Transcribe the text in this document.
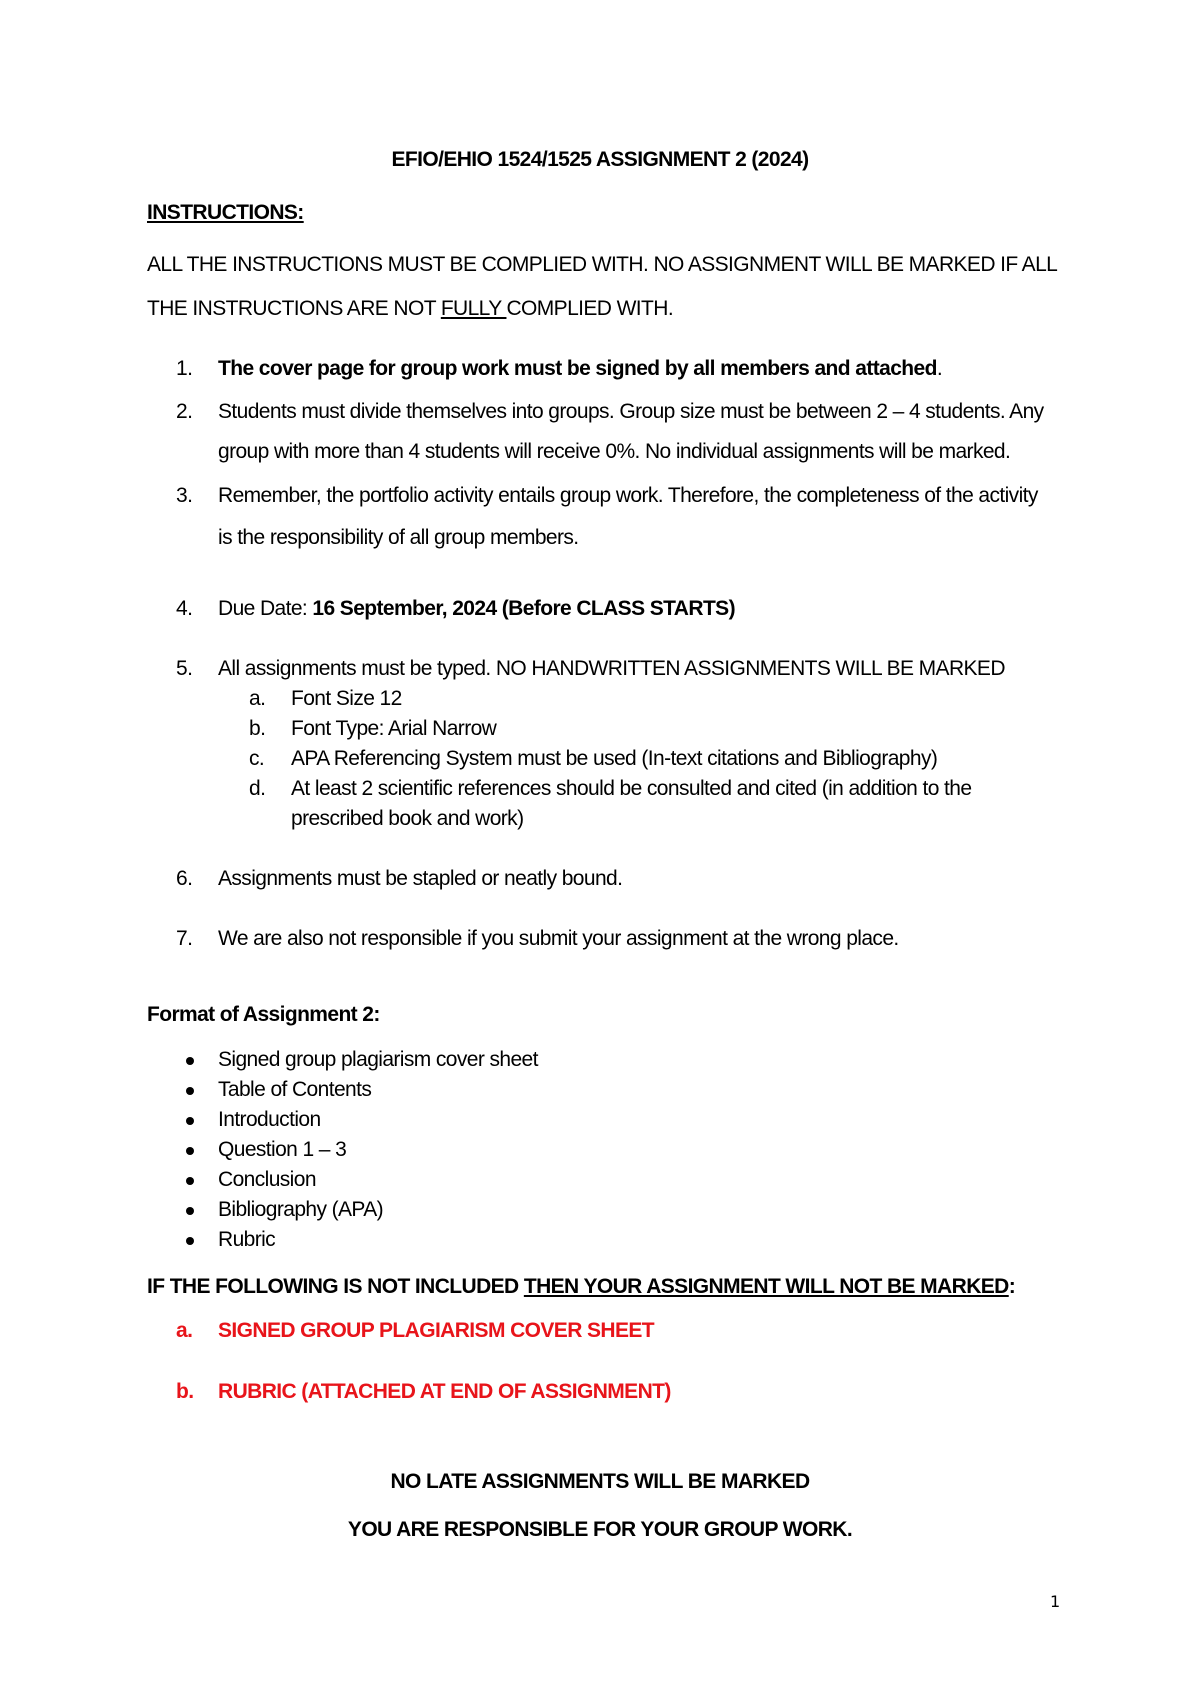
EFIO/EHIO 1524/1525 ASSIGNMENT 2 (2024)
INSTRUCTIONS:
ALL THE INSTRUCTIONS MUST BE COMPLIED WITH. NO ASSIGNMENT WILL BE MARKED IF ALL
THE INSTRUCTIONS ARE NOT FULLY COMPLIED WITH.
1.	The cover page for group work must be signed by all members and attached.
2.	Students must divide themselves into groups. Group size must be between 2 – 4 students. Any
group with more than 4 students will receive 0%. No individual assignments will be marked.
3.	Remember, the portfolio activity entails group work. Therefore, the completeness of the activity
is the responsibility of all group members.
4.	Due Date: 16 September, 2024 (Before CLASS STARTS)
5.	All assignments must be typed. NO HANDWRITTEN ASSIGNMENTS WILL BE MARKED
a. Font Size 12
b. Font Type: Arial Narrow
c. APA Referencing System must be used (In-text citations and Bibliography)
d. At least 2 scientific references should be consulted and cited (in addition to the
prescribed book and work)
6.	Assignments must be stapled or neatly bound.
7.	We are also not responsible if you submit your assignment at the wrong place.
Format of Assignment 2:
Signed group plagiarism cover sheet
Table of Contents
Introduction
Question 1 – 3
Conclusion
Bibliography (APA)
Rubric
IF THE FOLLOWING IS NOT INCLUDED THEN YOUR ASSIGNMENT WILL NOT BE MARKED:
a.	SIGNED GROUP PLAGIARISM COVER SHEET
b.	RUBRIC (ATTACHED AT END OF ASSIGNMENT)
NO LATE ASSIGNMENTS WILL BE MARKED
YOU ARE RESPONSIBLE FOR YOUR GROUP WORK.
1
